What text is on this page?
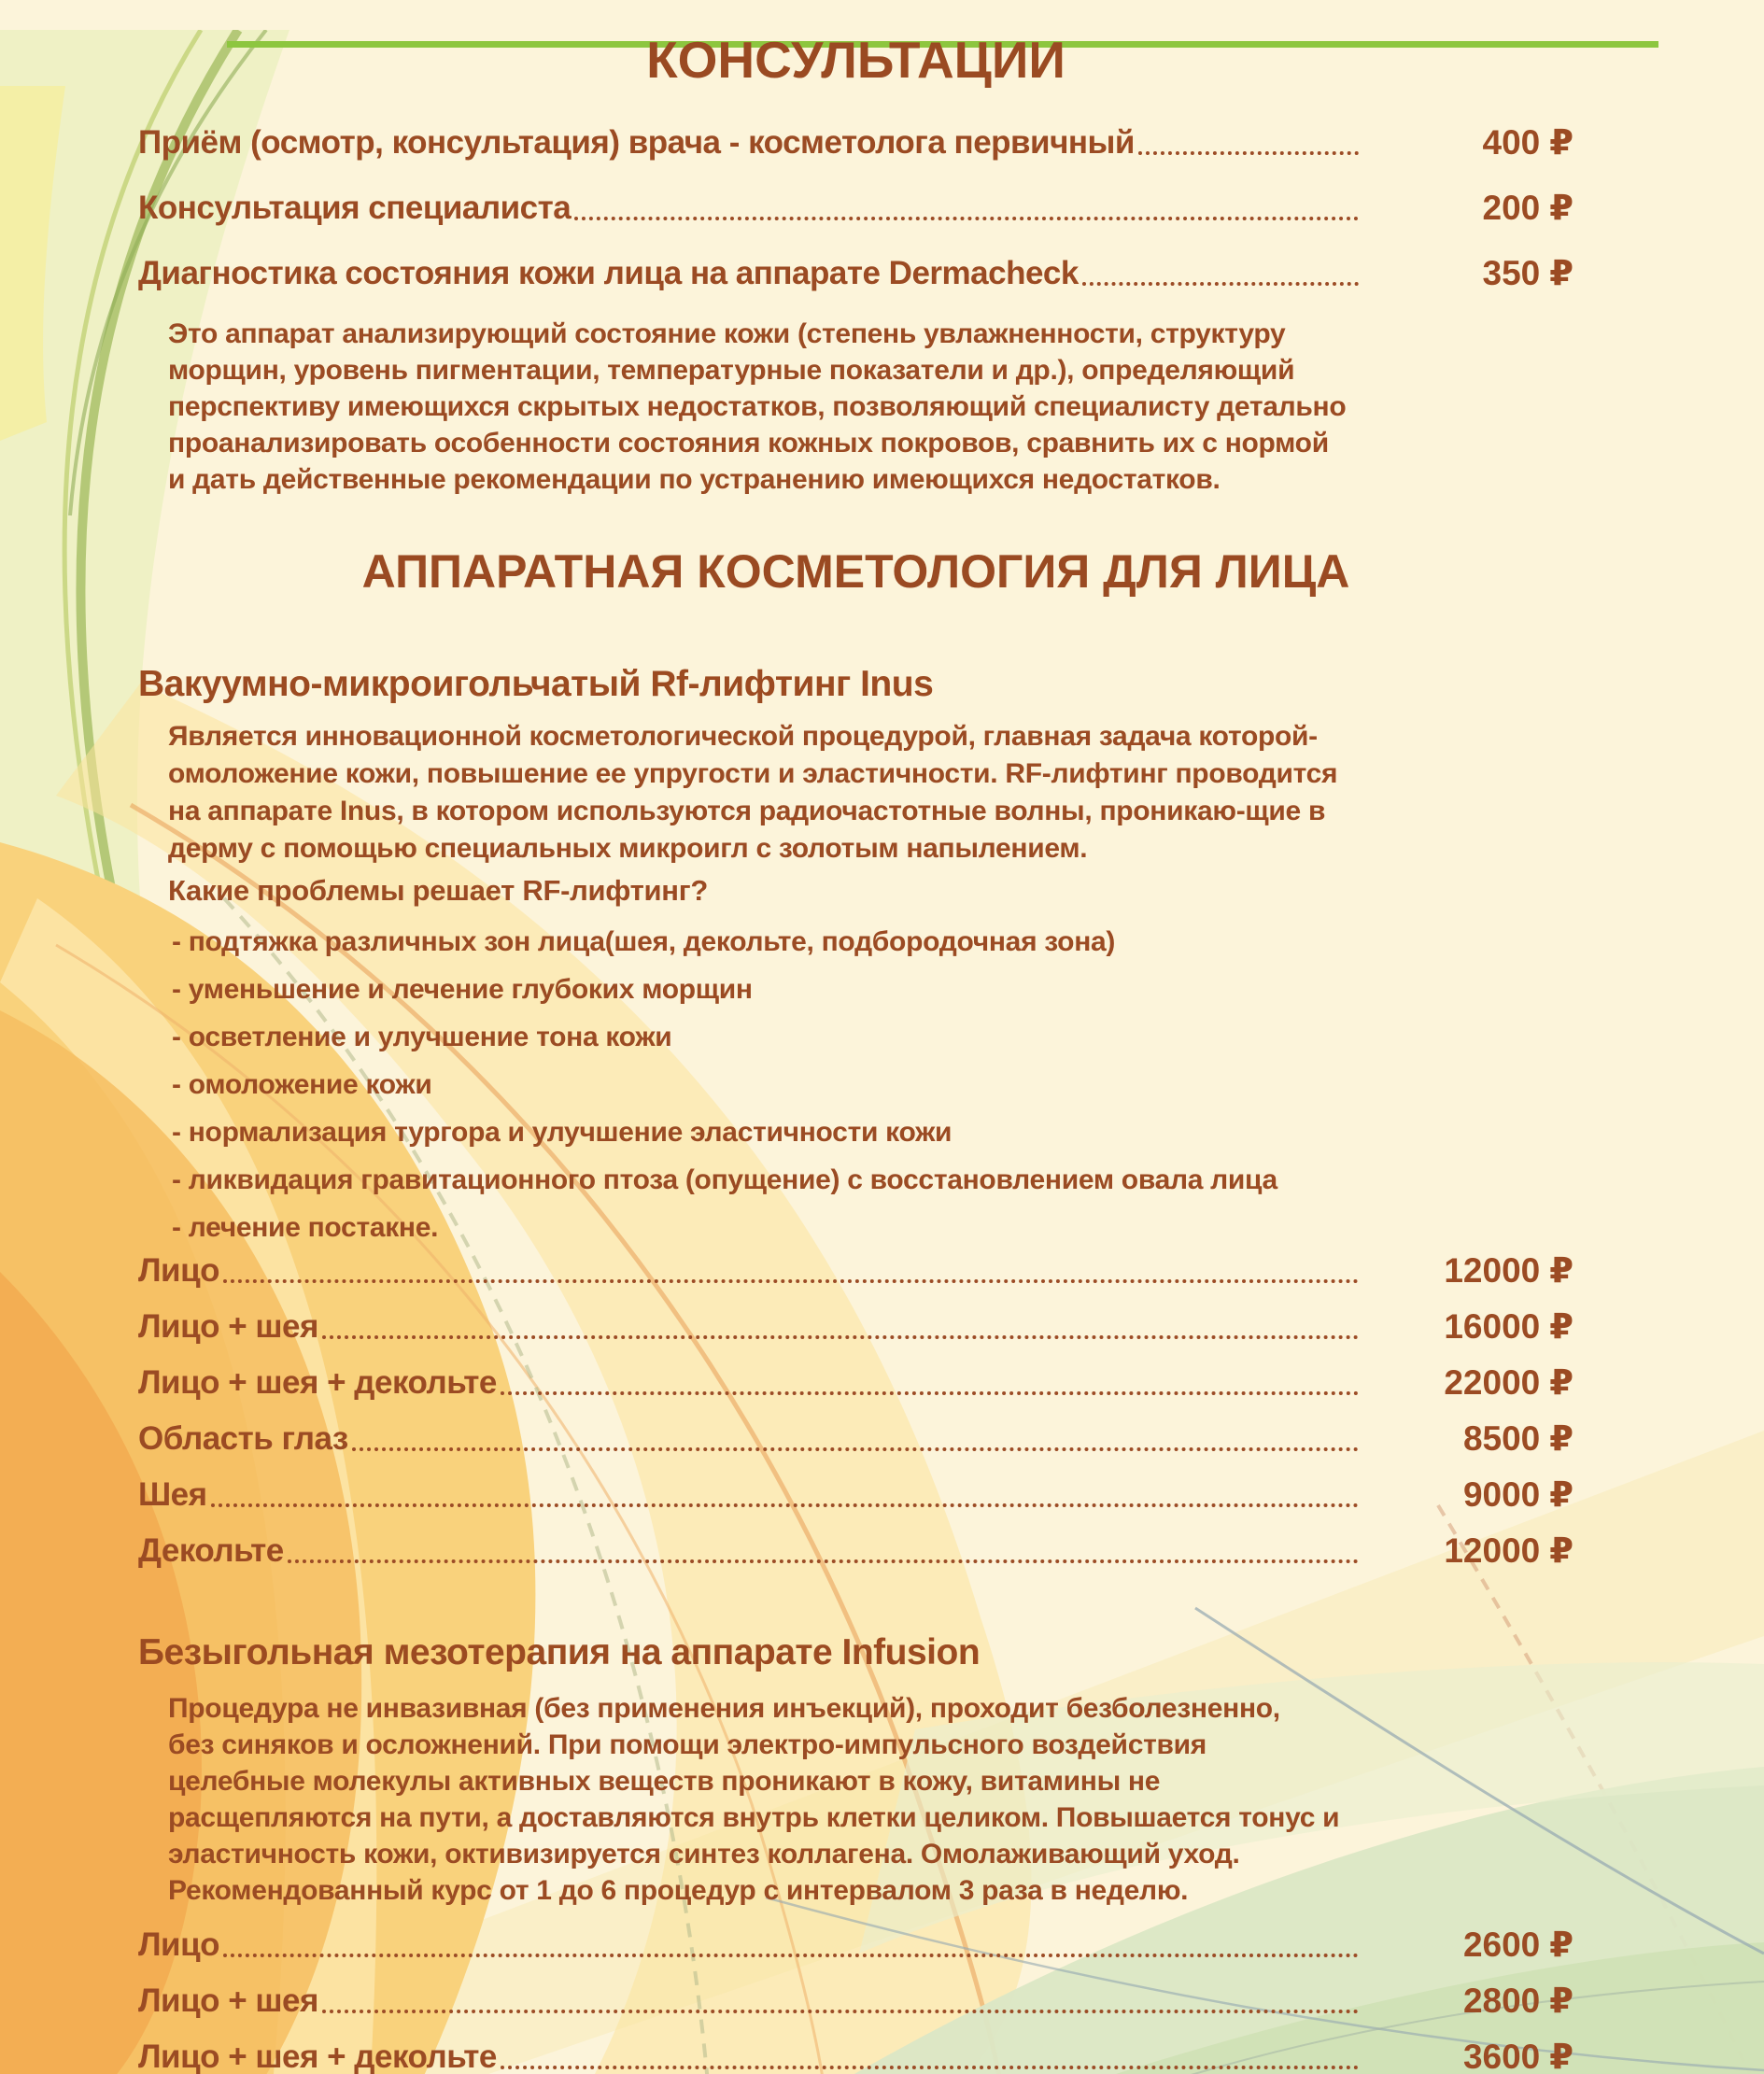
КОНСУЛЬТАЦИИ
Приём (осмотр, консультация) врача - косметолога первичный	400 ₽
Консультация специалиста	200 ₽
Диагностика состояния кожи лица на аппарате Dermacheck	350 ₽
Это аппарат анализирующий состояние кожи (степень увлажненности, структуру
морщин, уровень пигментации, температурные показатели и др.), определяющий
перспективу имеющихся скрытых недостатков, позволяющий специалисту детально
проанализировать особенности состояния кожных покровов, сравнить их с нормой
и дать действенные рекомендации по устранению имеющихся недостатков.
АППАРАТНАЯ КОСМЕТОЛОГИЯ ДЛЯ ЛИЦА
Вакуумно-микроигольчатый Rf-лифтинг Inus
Является инновационной косметологической процедурой, главная задача которой-
омоложение кожи, повышение ее упругости и эластичности. RF-лифтинг проводится
на аппарате Inus, в котором используются радиочастотные волны, проникаю-щие в
дерму с помощью специальных микроигл с золотым напылением.
Какие проблемы решает RF-лифтинг?
- подтяжка различных зон лица(шея, декольте, подбородочная зона)
- уменьшение и лечение глубоких морщин
- осветление и улучшение тона кожи
- омоложение кожи
- нормализация тургора и улучшение эластичности кожи
- ликвидация гравитационного птоза (опущение) с восстановлением овала лица
- лечение постакне.
Лицо	12000 ₽
Лицо + шея	16000 ₽
Лицо + шея + декольте	22000 ₽
Область глаз	8500 ₽
Шея	9000 ₽
Декольте	12000 ₽
Безыгольная мезотерапия на аппарате Infusion
Процедура не инвазивная (без применения инъекций), проходит безболезненно,
без синяков и осложнений. При помощи электро-импульсного воздействия
целебные молекулы активных веществ проникают в кожу, витамины не
расщепляются на пути, а доставляются внутрь клетки целиком. Повышается тонус и
эластичность кожи, октивизируется синтез коллагена. Омолаживающий уход.
Рекомендованный курс от 1 до 6 процедур с интервалом 3 раза в неделю.
Лицо	2600 ₽
Лицо + шея	2800 ₽
Лицо + шея + декольте	3600 ₽
